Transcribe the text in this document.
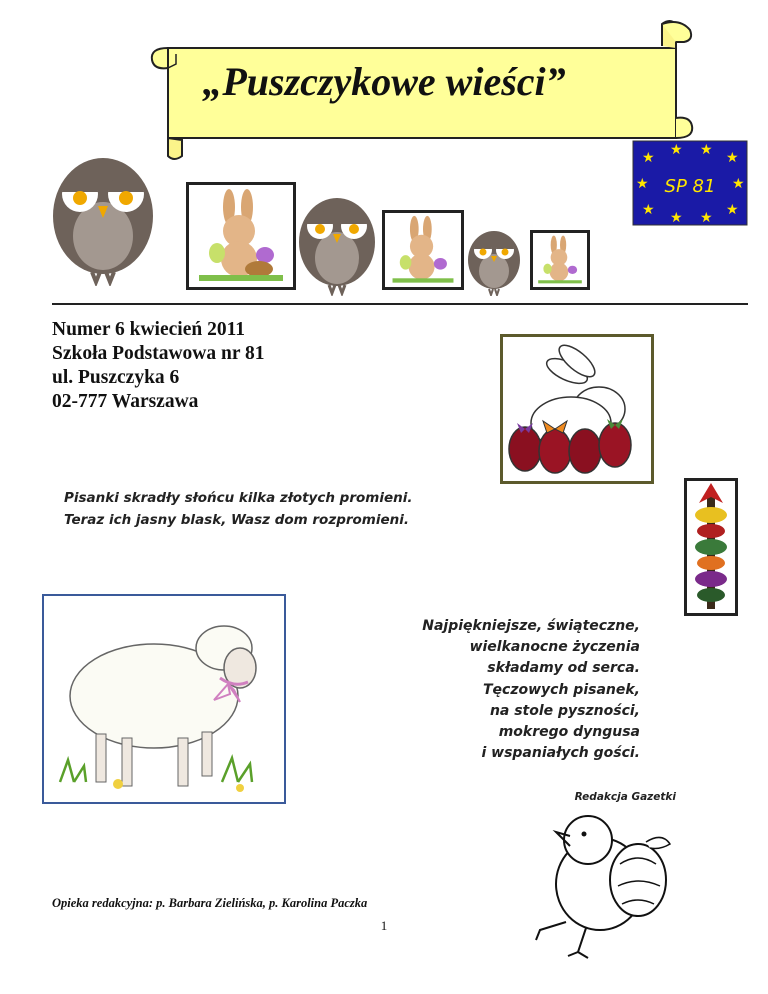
„Puszczykowe wieści”
★ ★ ★ ★
★	★
★ ★ ★ ★
SP 81
Numer 6 kwiecień 2011
Szkoła Podstawowa nr 81
ul. Puszczyka 6
02-777 Warszawa
Pisanki skradły słońcu kilka złotych promieni.
Teraz ich jasny blask, Wasz dom rozpromieni.
Najpiękniejsze, świąteczne,
wielkanocne życzenia
składamy od serca.
Tęczowych pisanek,
na stole pyszności,
mokrego dyngusa
i wspaniałych gości.
Redakcja Gazetki
Opieka redakcyjna: p. Barbara Zielińska, p. Karolina Paczka
1
